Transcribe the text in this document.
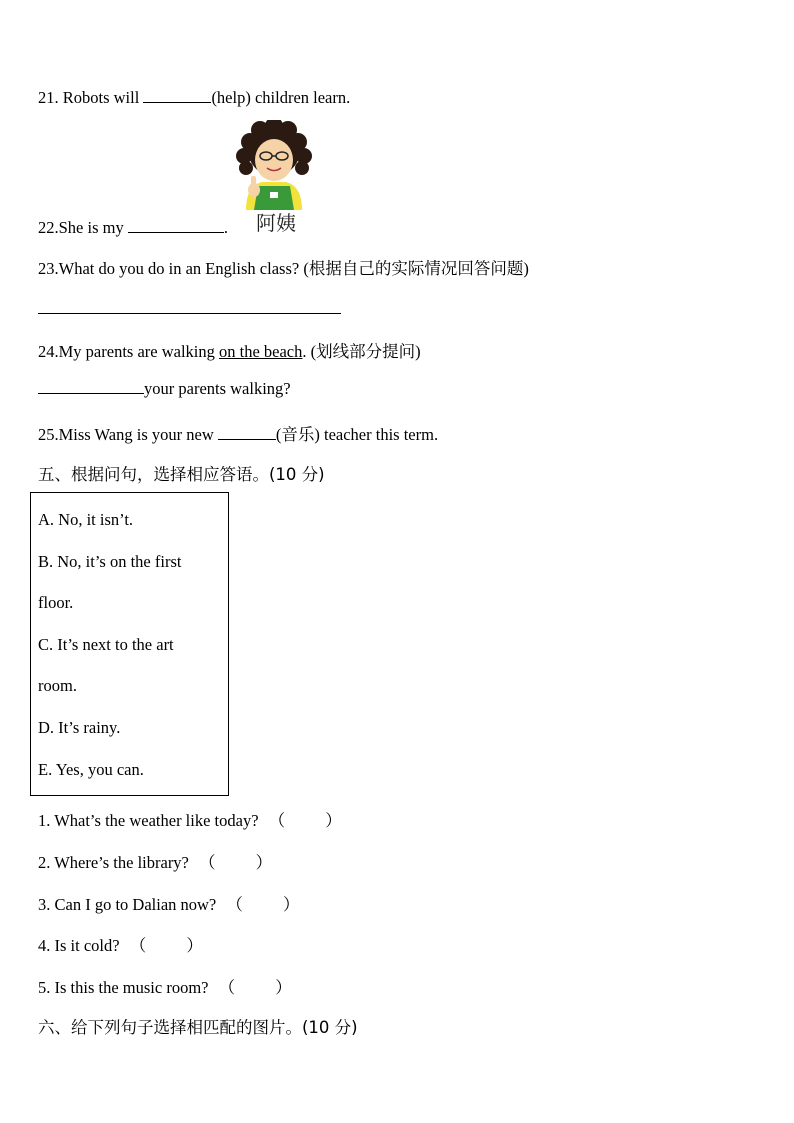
21. Robots will	(help) children learn.
阿姨
22.She is my	.
23.What do you do in an English class? (根据自己的实际情况回答问题)
24.My parents are walking on the beach. (划线部分提问)
your parents walking?
25.Miss Wang is your new	(音乐) teacher this term.
五、根据问句，选择相应答语。(10 分)
A. No, it isn’t.
B. No, it’s on the first
floor.
C. It’s next to the art
room.
D. It’s rainy.
E. Yes, you can.
1. What’s the weather like today? （ ）
2. Where’s the library? （ ）
3. Can I go to Dalian now? （ ）
4. Is it cold? （ ）
5. Is this the music room? （ ）
六、给下列句子选择相匹配的图片。(10 分)
